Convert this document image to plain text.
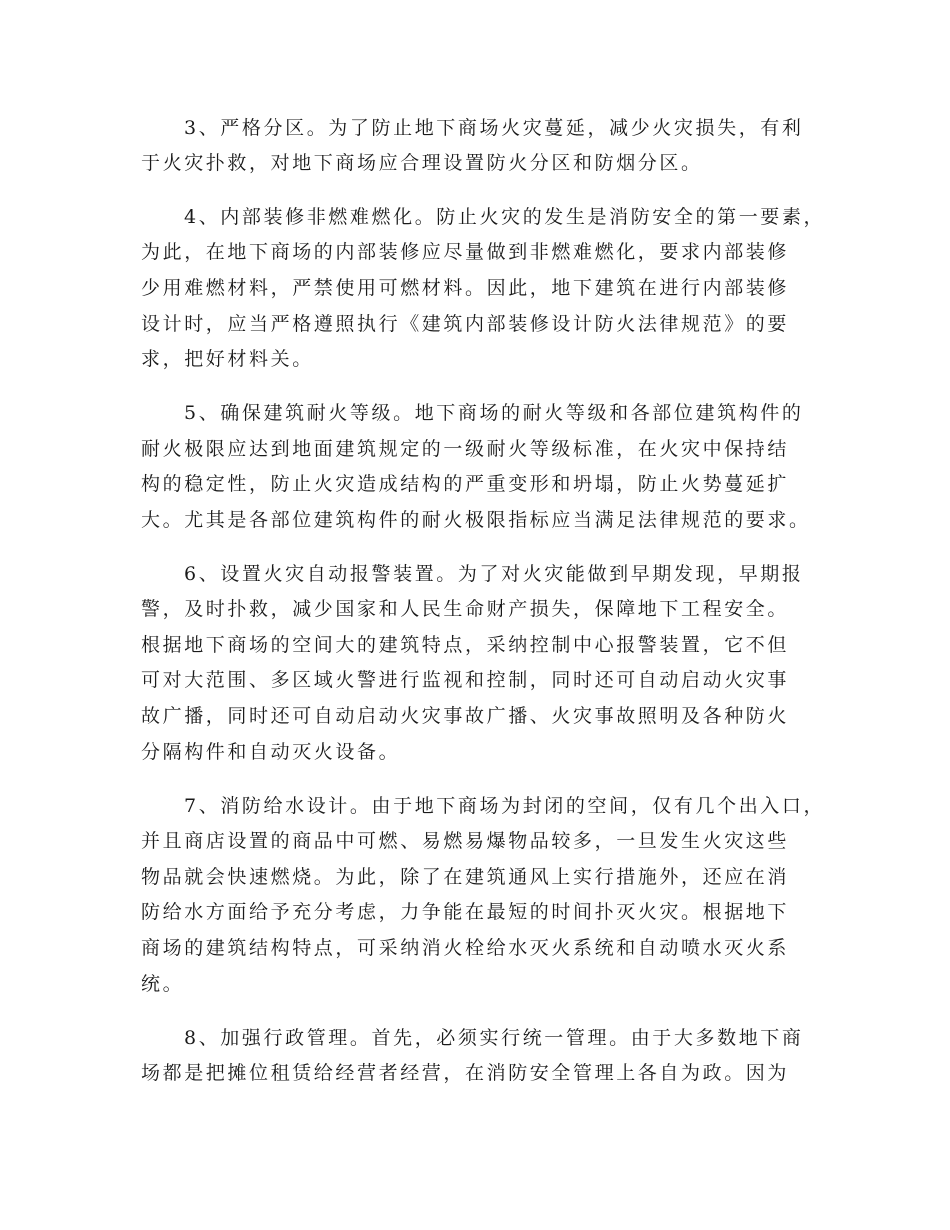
3、严格分区。为了防止地下商场火灾蔓延，减少火灾损失，有利

于火灾扑救，对地下商场应合理设置防火分区和防烟分区。

4、内部装修非燃难燃化。防止火灾的发生是消防安全的第一要素，

为此，在地下商场的内部装修应尽量做到非燃难燃化，要求内部装修

少用难燃材料，严禁使用可燃材料。因此，地下建筑在进行内部装修

设计时，应当严格遵照执行《建筑内部装修设计防火法律规范》的要

求，把好材料关。

5、确保建筑耐火等级。地下商场的耐火等级和各部位建筑构件的

耐火极限应达到地面建筑规定的一级耐火等级标准，在火灾中保持结

构的稳定性，防止火灾造成结构的严重变形和坍塌，防止火势蔓延扩

大。尤其是各部位建筑构件的耐火极限指标应当满足法律规范的要求。

6、设置火灾自动报警装置。为了对火灾能做到早期发现，早期报

警，及时扑救，减少国家和人民生命财产损失，保障地下工程安全。

根据地下商场的空间大的建筑特点，采纳控制中心报警装置，它不但

可对大范围、多区域火警进行监视和控制，同时还可自动启动火灾事

故广播，同时还可自动启动火灾事故广播、火灾事故照明及各种防火

分隔构件和自动灭火设备。

7、消防给水设计。由于地下商场为封闭的空间，仅有几个出入口，

并且商店设置的商品中可燃、易燃易爆物品较多，一旦发生火灾这些

物品就会快速燃烧。为此，除了在建筑通风上实行措施外，还应在消

防给水方面给予充分考虑，力争能在最短的时间扑灭火灾。根据地下

商场的建筑结构特点，可采纳消火栓给水灭火系统和自动喷水灭火系

统。

8、加强行政管理。首先，必须实行统一管理。由于大多数地下商

场都是把摊位租赁给经营者经营，在消防安全管理上各自为政。因为
